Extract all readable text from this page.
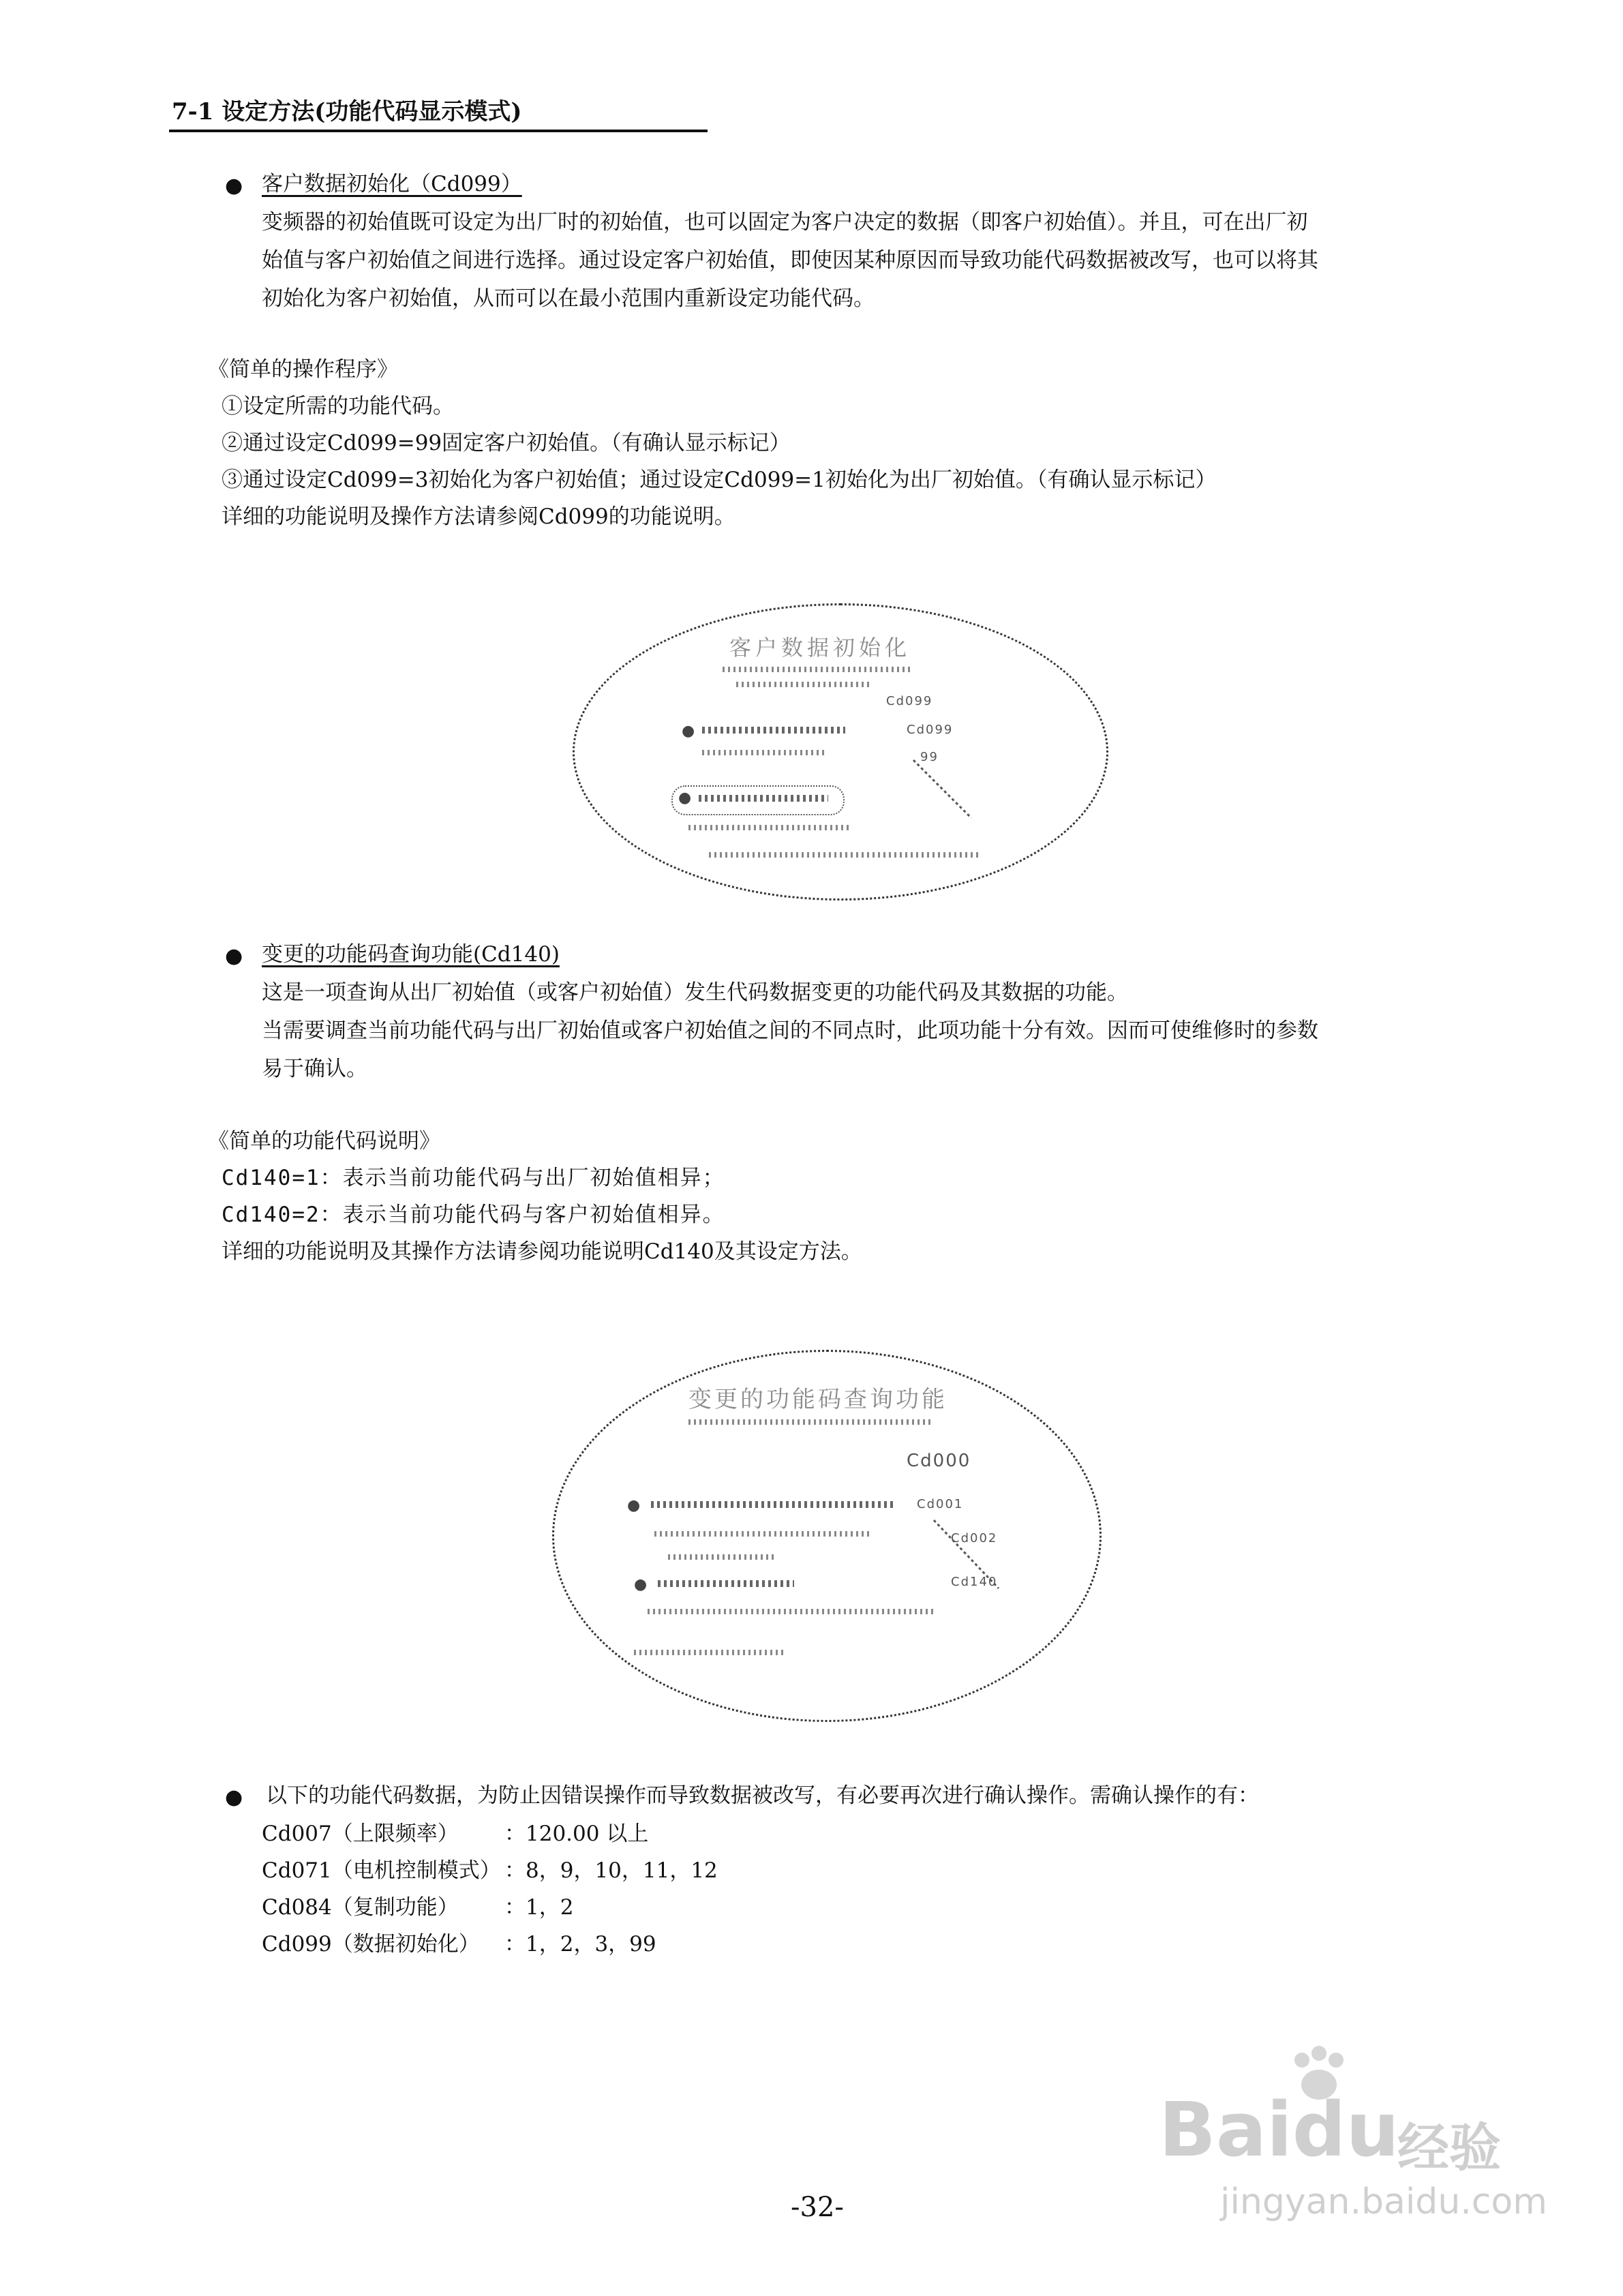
7-1 设定方法(功能代码显示模式)
● 客户数据初始化（Cd099）
变频器的初始值既可设定为出厂时的初始值，也可以固定为客户决定的数据（即客户初始值）。并且，可在出厂初
始值与客户初始值之间进行选择。通过设定客户初始值，即使因某种原因而导致功能代码数据被改写，也可以将其
初始化为客户初始值，从而可以在最小范围内重新设定功能代码。
《简单的操作程序》
①设定所需的功能代码。
②通过设定Cd099=99固定客户初始值。（有确认显示标记）
③通过设定Cd099=3初始化为客户初始值；通过设定Cd099=1初始化为出厂初始值。（有确认显示标记）
详细的功能说明及操作方法请参阅Cd099的功能说明。
客户数据初始化
Cd099
●	Cd099
99
●
● 变更的功能码查询功能(Cd140)
这是一项查询从出厂初始值（或客户初始值）发生代码数据变更的功能代码及其数据的功能。
当需要调查当前功能代码与出厂初始值或客户初始值之间的不同点时，此项功能十分有效。因而可使维修时的参数
易于确认。
《简单的功能代码说明》
Cd140=1：表示当前功能代码与出厂初始值相异；
Cd140=2：表示当前功能代码与客户初始值相异。
详细的功能说明及其操作方法请参阅功能说明Cd140及其设定方法。
变更的功能码查询功能
Cd000
●	Cd001
Cd002
●	Cd140
● 以下的功能代码数据，为防止因错误操作而导致数据被改写，有必要再次进行确认操作。需确认操作的有：
Cd007（上限频率） ：120.00 以上
Cd071（电机控制模式） ：8，9，10，11，12
Cd084（复制功能） ：1，2
Cd099（数据初始化） ：1，2，3，99
Baidu
经验
jingyan.baidu.com
-32-
